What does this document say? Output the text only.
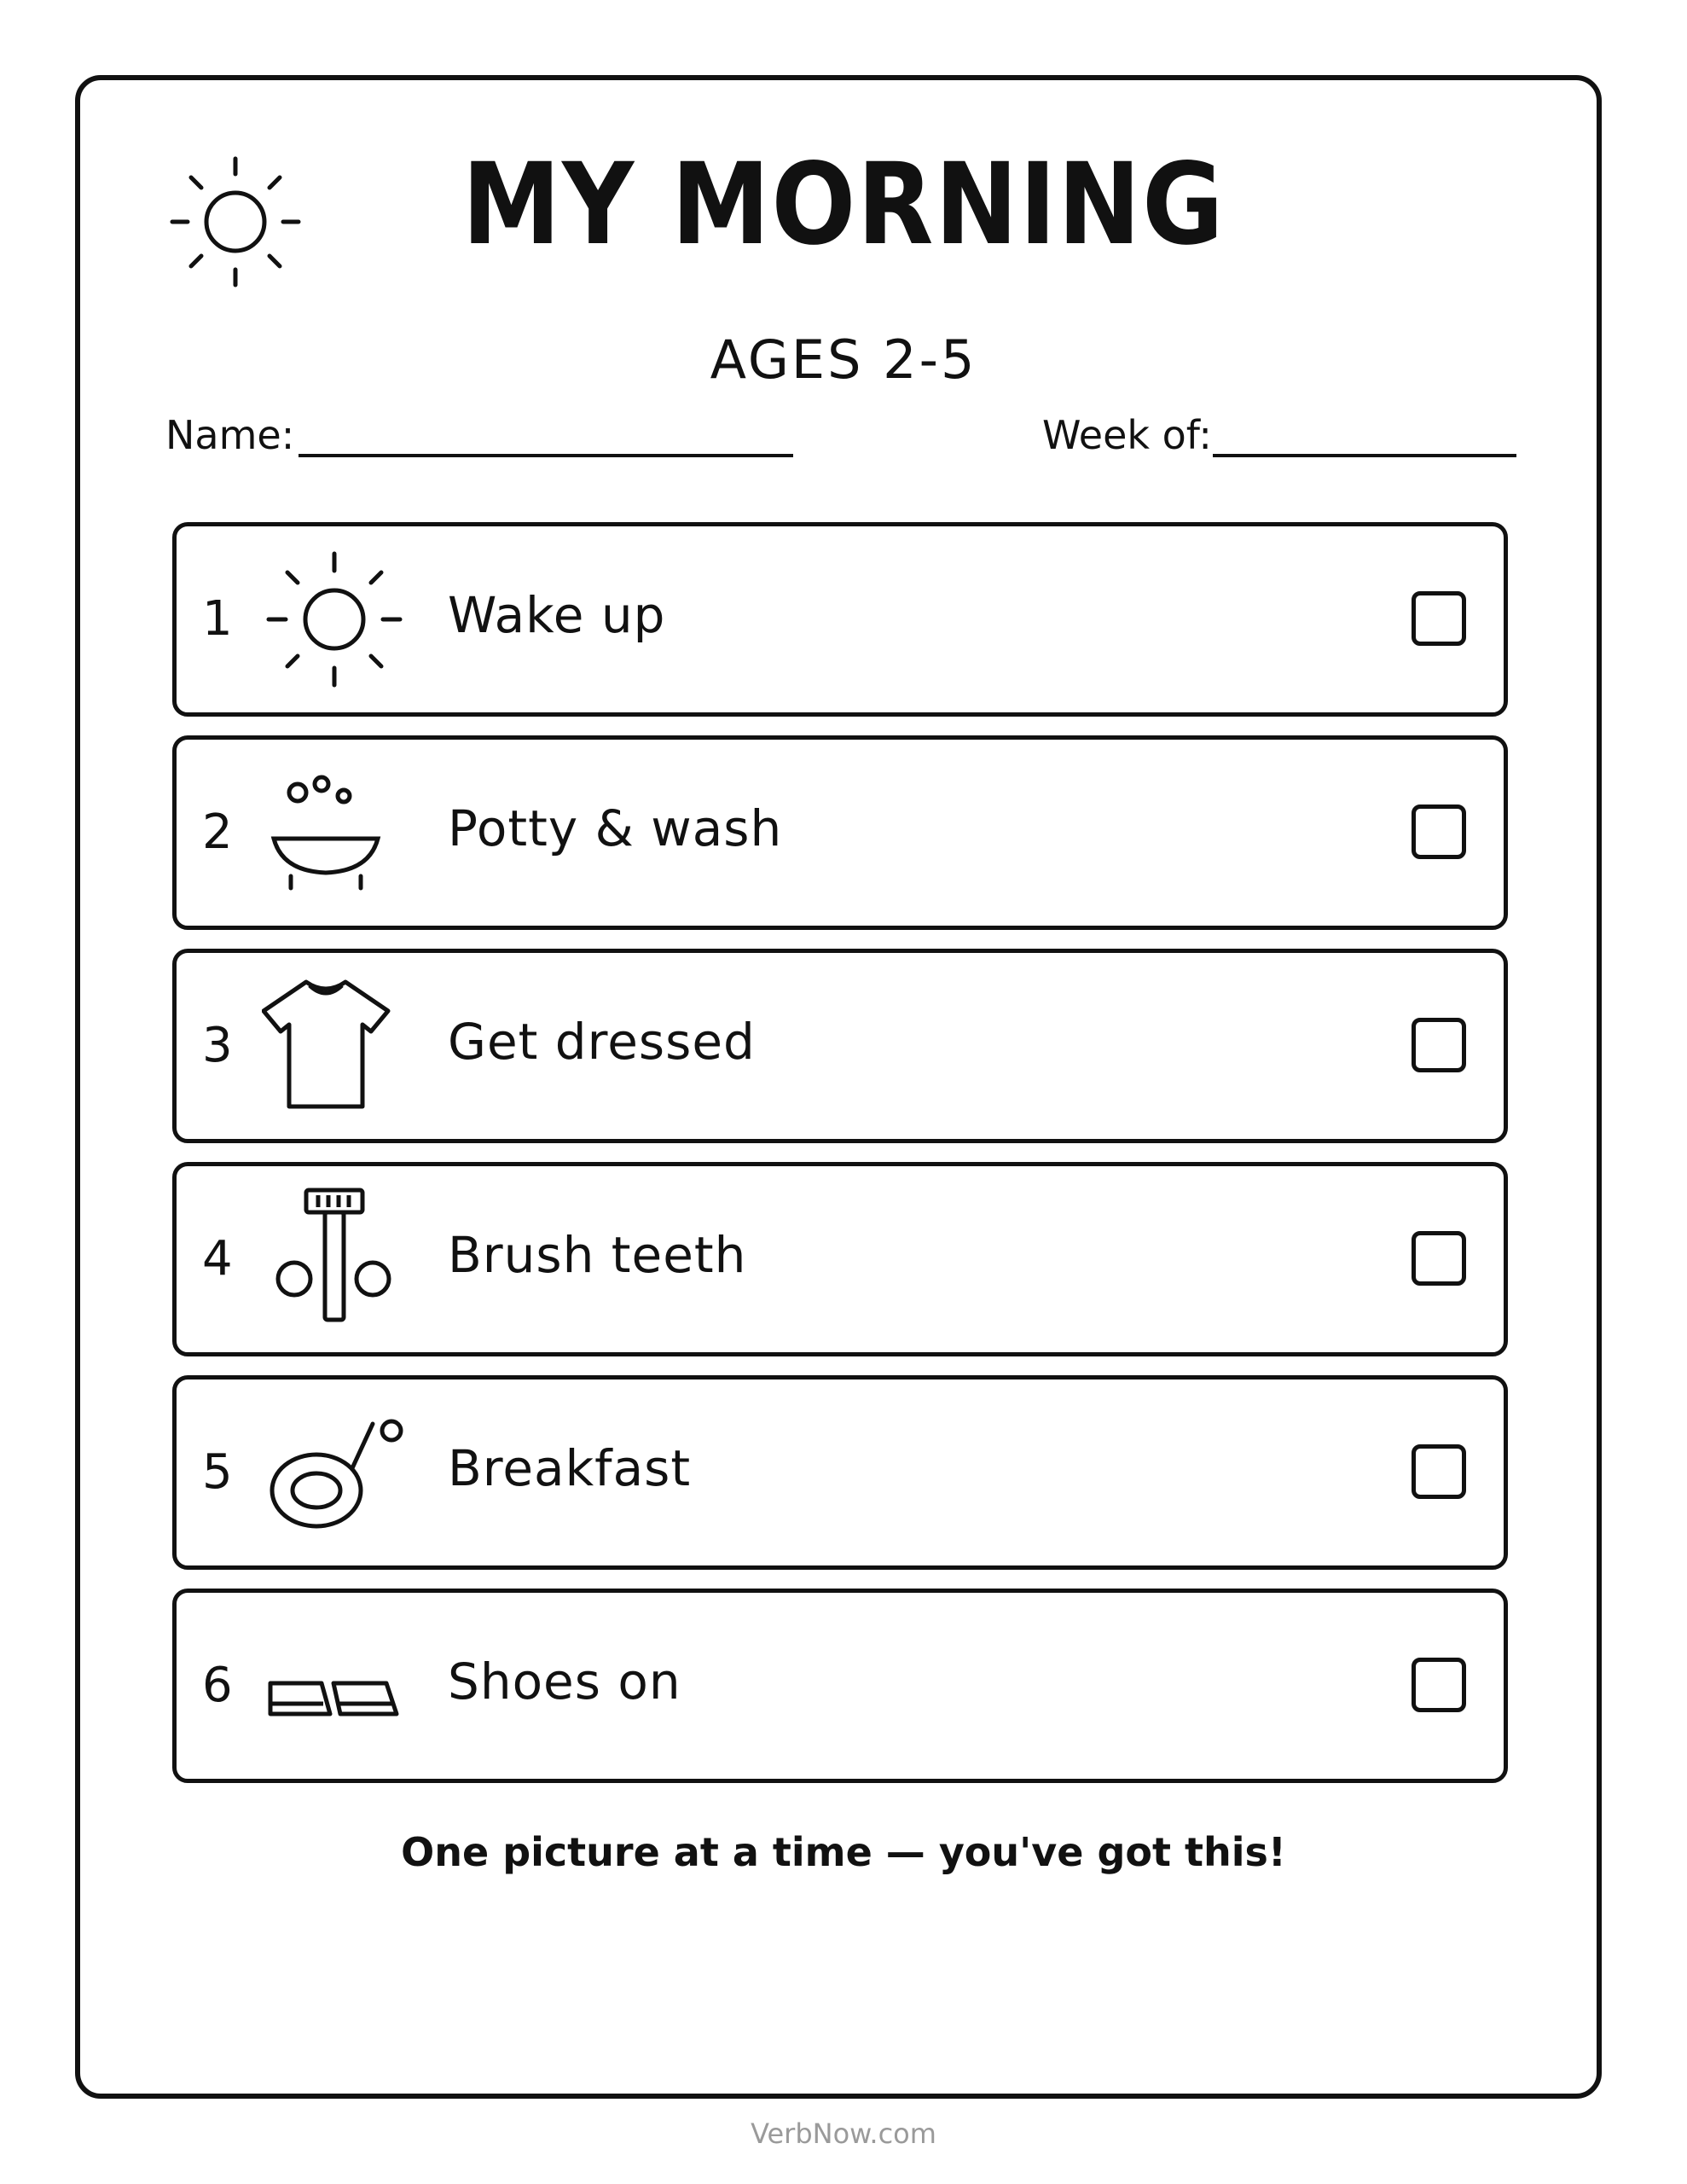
MY MORNING
AGES 2-5
Name:	Week of:
1	Wake up
2	Potty & wash
3	Get dressed
4	Brush teeth
5	Breakfast
6	Shoes on
One picture at a time — you've got this!
VerbNow.com
